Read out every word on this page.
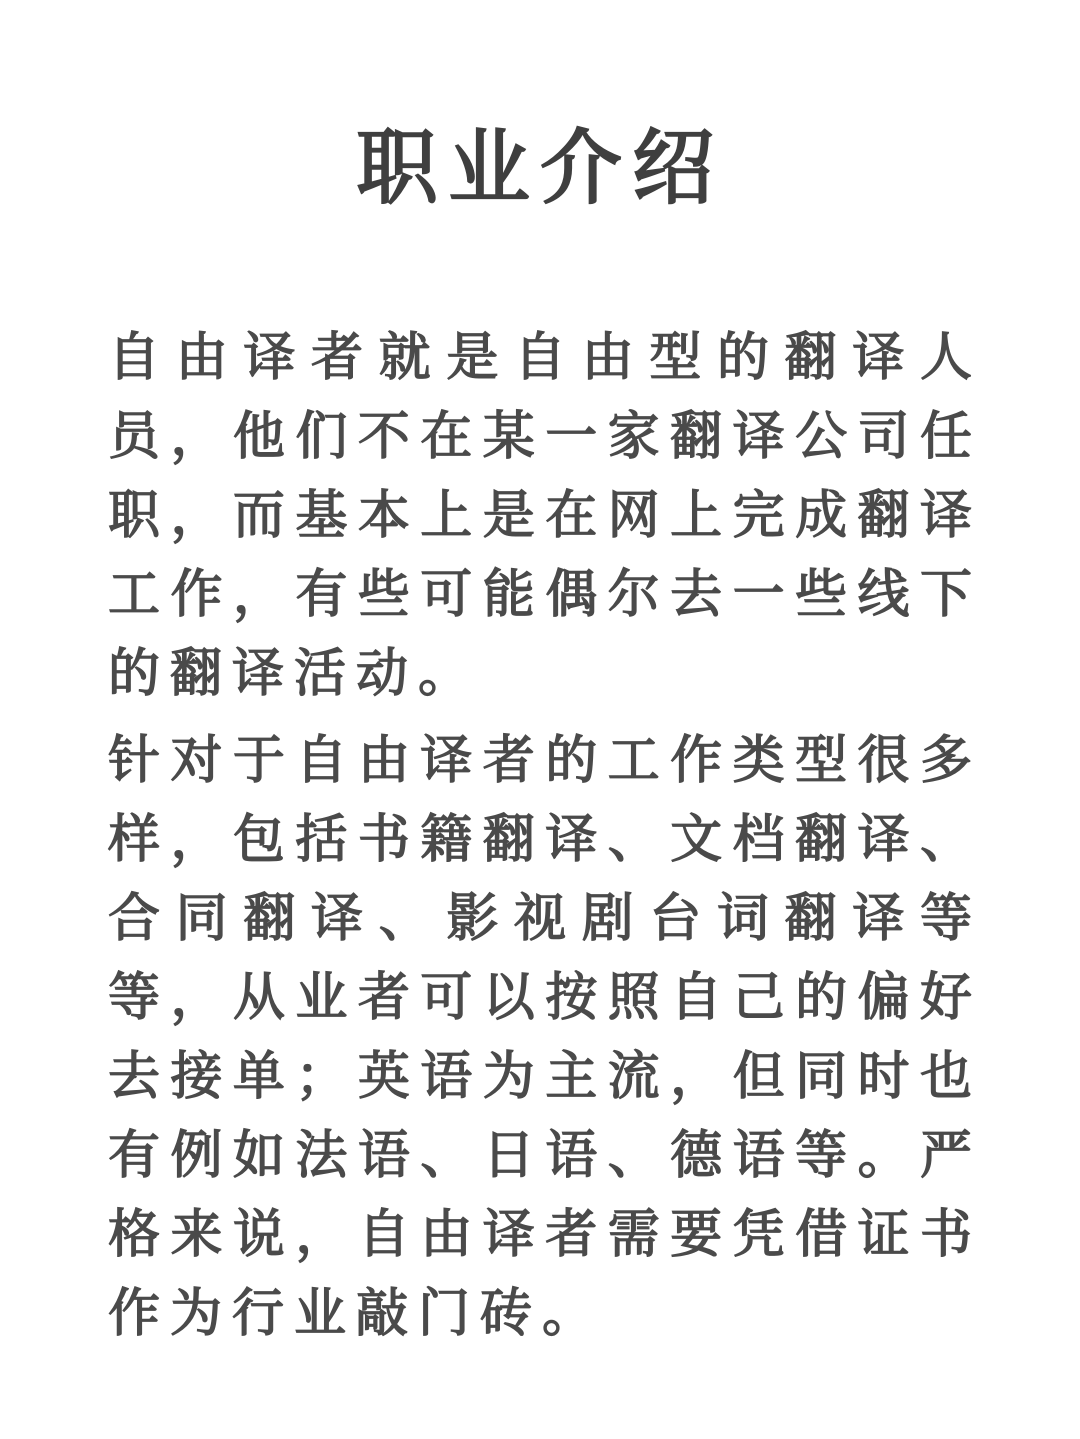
职业介绍
自由译者就是自由型的翻译人
员，他们不在某一家翻译公司任
职，而基本上是在网上完成翻译
工作，有些可能偶尔去一些线下
的翻译活动。
针对于自由译者的工作类型很多
样，包括书籍翻译、文档翻译、
合同翻译、影视剧台词翻译等
等，从业者可以按照自己的偏好
去接单；英语为主流，但同时也
有例如法语、日语、德语等。严
格来说，自由译者需要凭借证书
作为行业敲门砖。
